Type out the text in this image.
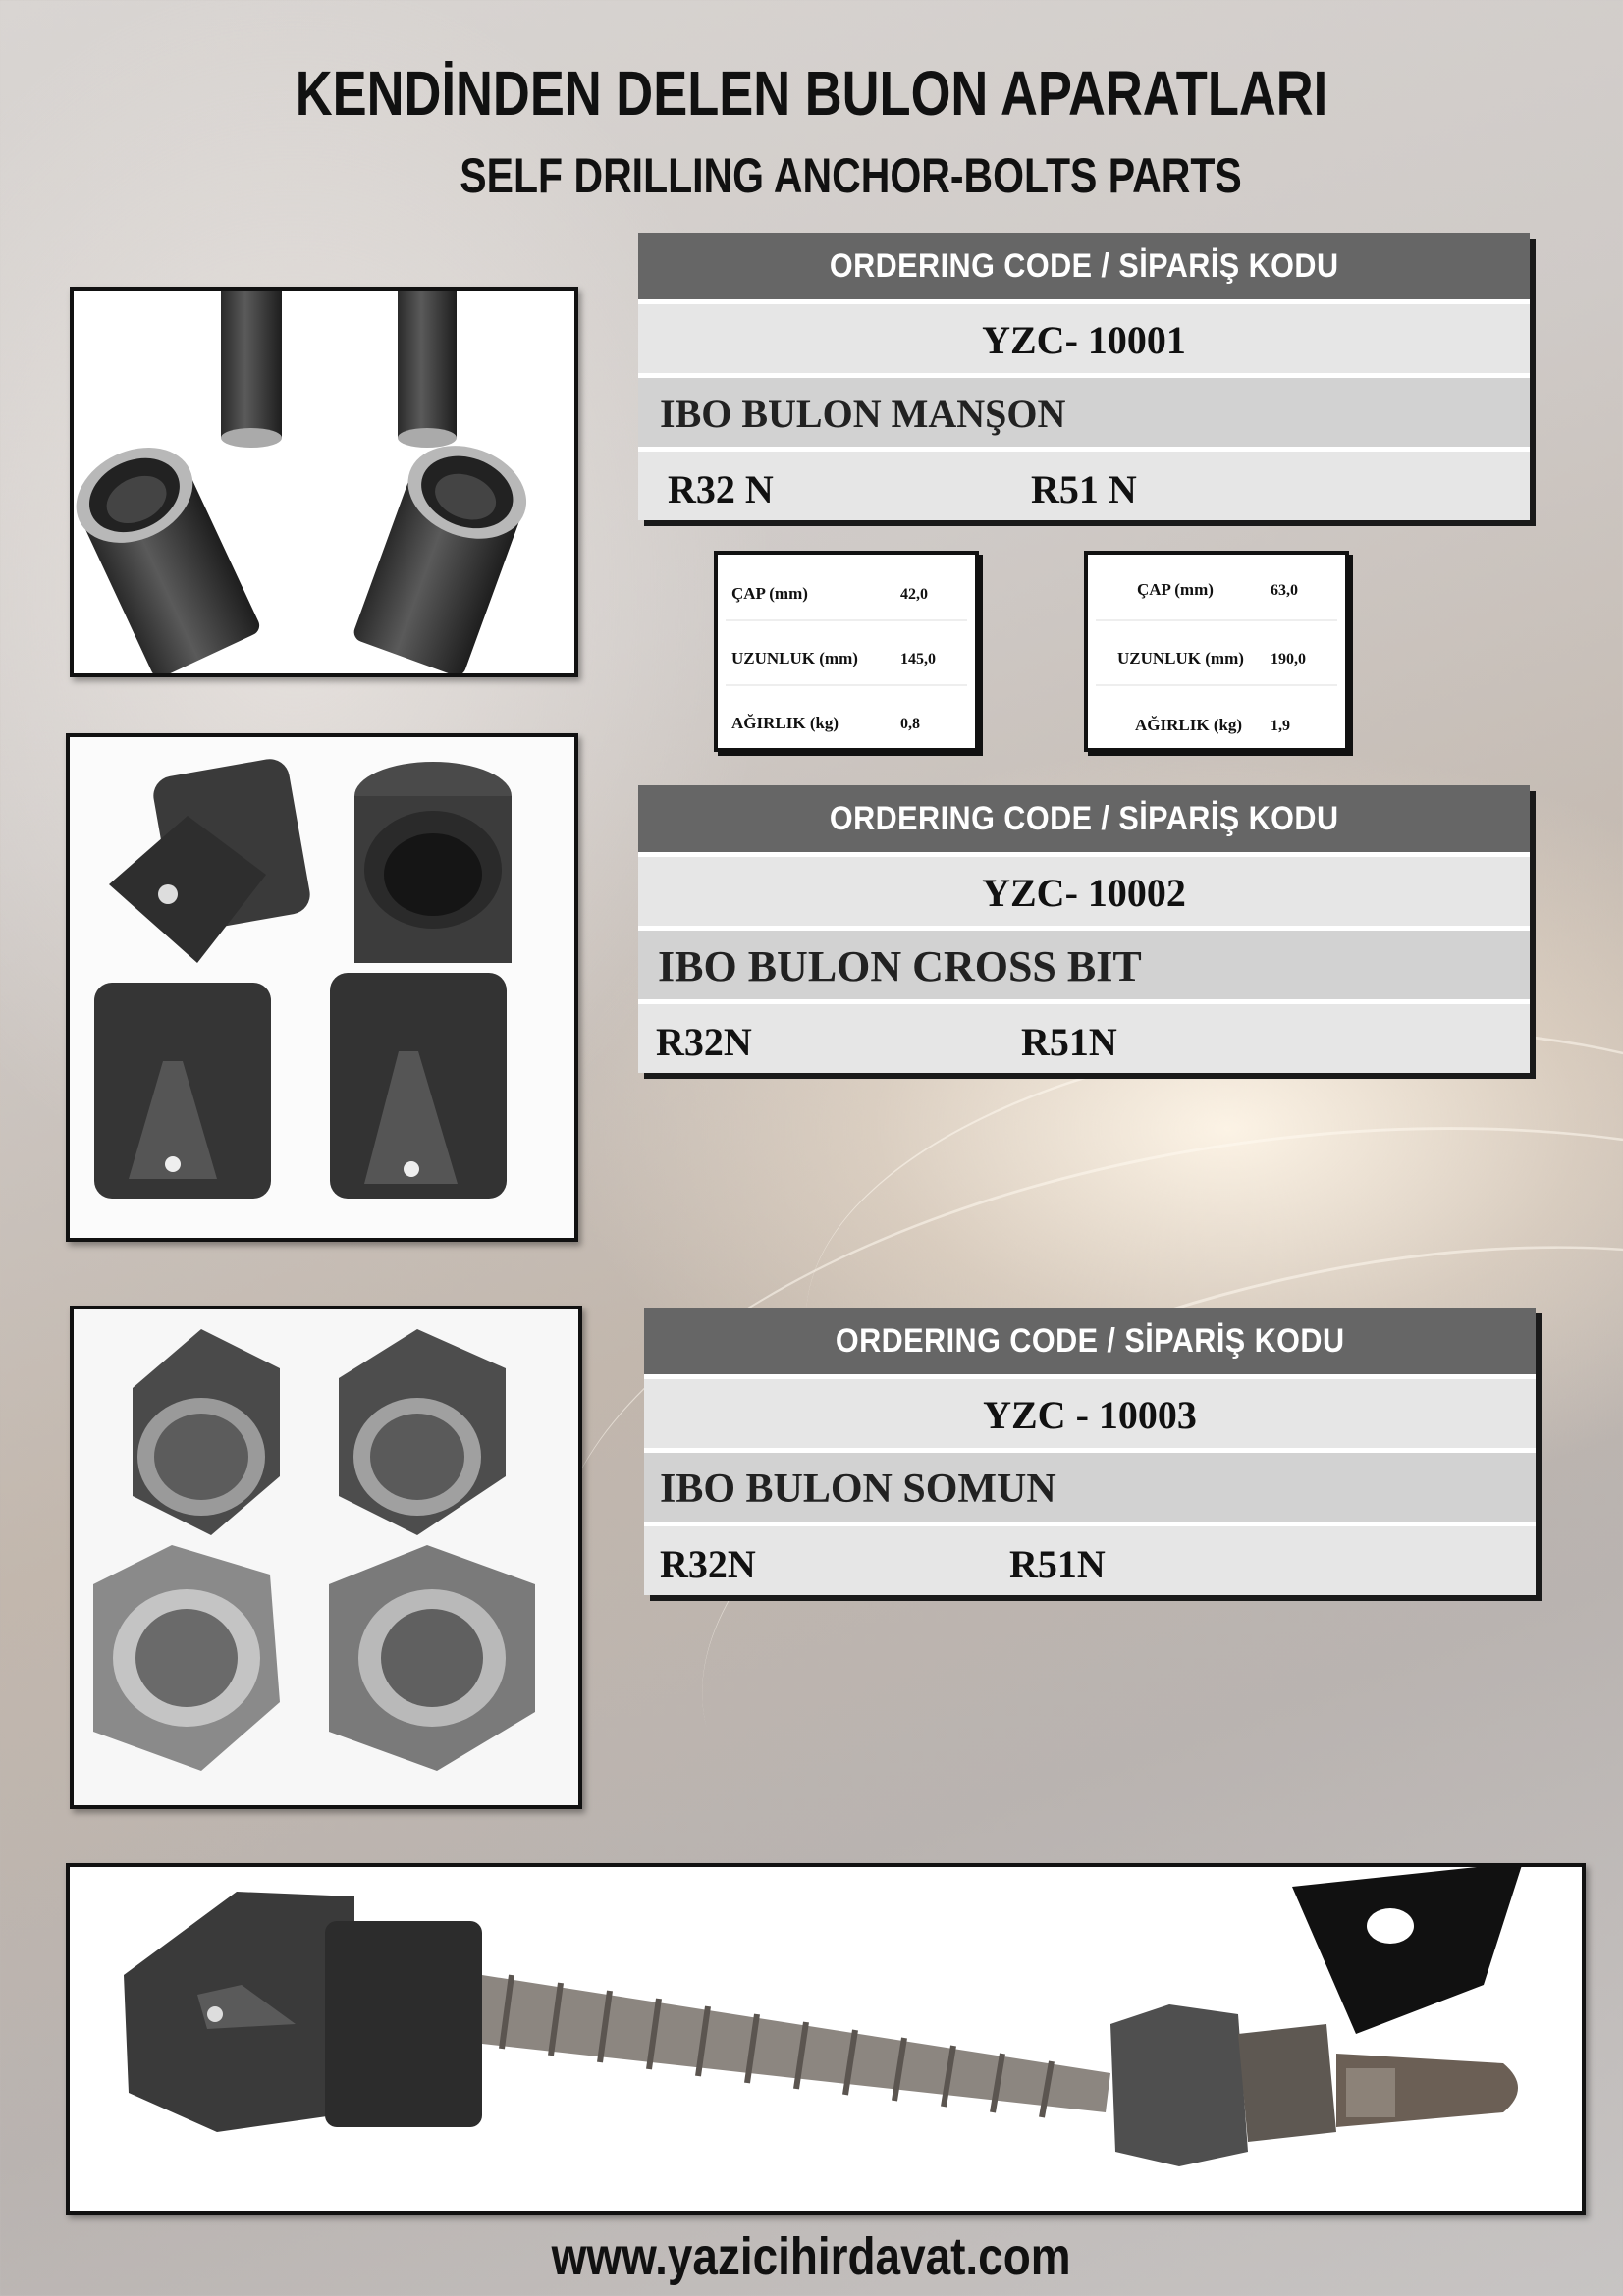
KENDİNDEN DELEN BULON APARATLARI
SELF DRILLING ANCHOR-BOLTS PARTS
ORDERING CODE / SİPARİŞ KODU
YZC- 10001
IBO BULON MANŞON
R32 N	R51 N
ÇAP (mm)	42,0
UZUNLUK (mm)	145,0
AĞIRLIK (kg)	0,8
ÇAP (mm)	63,0
UZUNLUK (mm) 190,0
AĞIRLIK (kg) 1,9
ORDERING CODE / SİPARİŞ KODU
YZC- 10002
IBO BULON CROSS BIT
R32N	R51N
ORDERING CODE / SİPARİŞ KODU
YZC - 10003
IBO BULON SOMUN
R32N	R51N
www.yazicihirdavat.com
